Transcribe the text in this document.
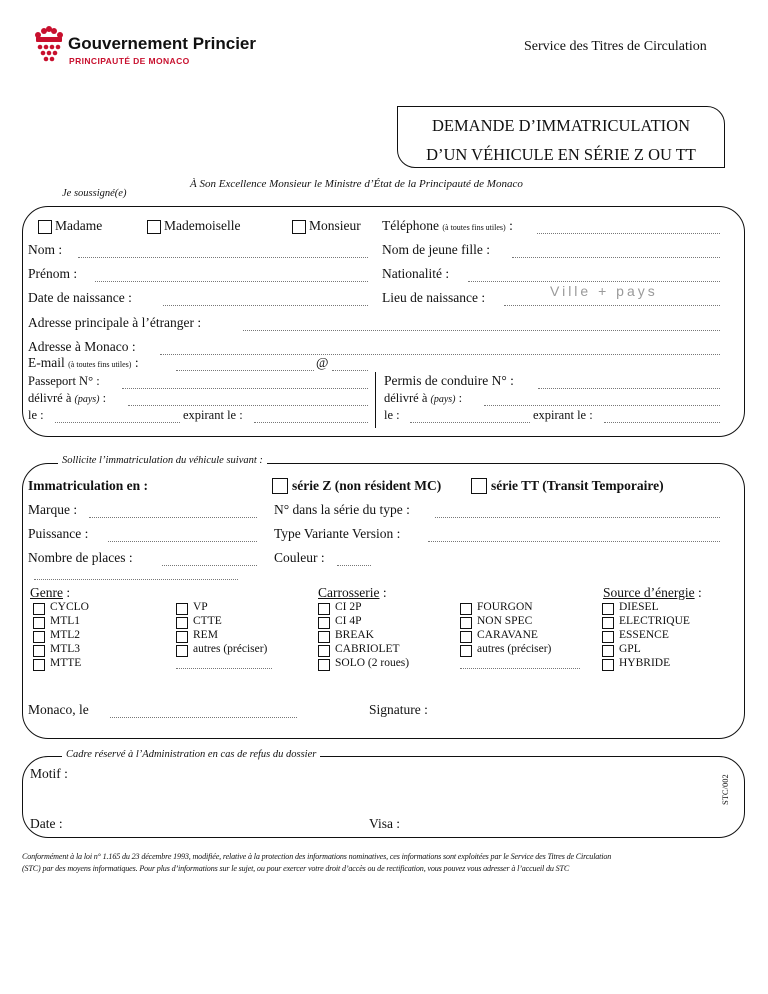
Gouvernement Princier
PRINCIPAUTÉ DE MONACO
Service des Titres de Circulation
DEMANDE D’IMMATRICULATION
D’UN VÉHICULE EN SÉRIE Z OU TT
À Son Excellence Monsieur le Ministre d’État de la Principauté de Monaco
Je soussigné(e)
Madame	Mademoiselle	Monsieur Téléphone (à toutes fins utiles) :
Nom :	Nom de jeune fille :
Prénom :	Nationalité :
Date de naissance :	Lieu de naissance :	Ville + pays
Adresse principale à l’étranger :
Adresse à Monaco :
E-mail (à toutes fins utiles) :	@
Passeport N° :
délivré à (pays) :
le :	expirant le :
Permis de conduire N° :
délivré à (pays) :
le :	expirant le :
Sollicite l’immatriculation du véhicule suivant :
Immatriculation en :	série Z (non résident MC)	série TT (Transit Temporaire)
Marque :	N° dans la série du type :
Puissance :	Type Variante Version :
Nombre de places :	Couleur :
Genre :	Carrosserie :	Source d’énergie :
CYCLO
MTL1
MTL2
MTL3
MTTE
VP
CTTE
REM
autres (préciser)
CI 2P
CI 4P
BREAK
CABRIOLET
SOLO (2 roues)
FOURGON
NON SPEC
CARAVANE
autres (préciser)
DIESEL
ELECTRIQUE
ESSENCE
GPL
HYBRIDE
Monaco, le	Signature :
Cadre réservé à l’Administration en cas de refus du dossier
Motif :
Date :	Visa :
STC/002
Conformément à la loi n° 1.165 du 23 décembre 1993, modifiée, relative à la protection des informations nominatives, ces informations sont exploitées par le Service des Titres de Circulation
(STC) par des moyens informatiques. Pour plus d’informations sur le sujet, ou pour exercer votre droit d’accès ou de rectification, vous pouvez vous adresser à l’accueil du STC
